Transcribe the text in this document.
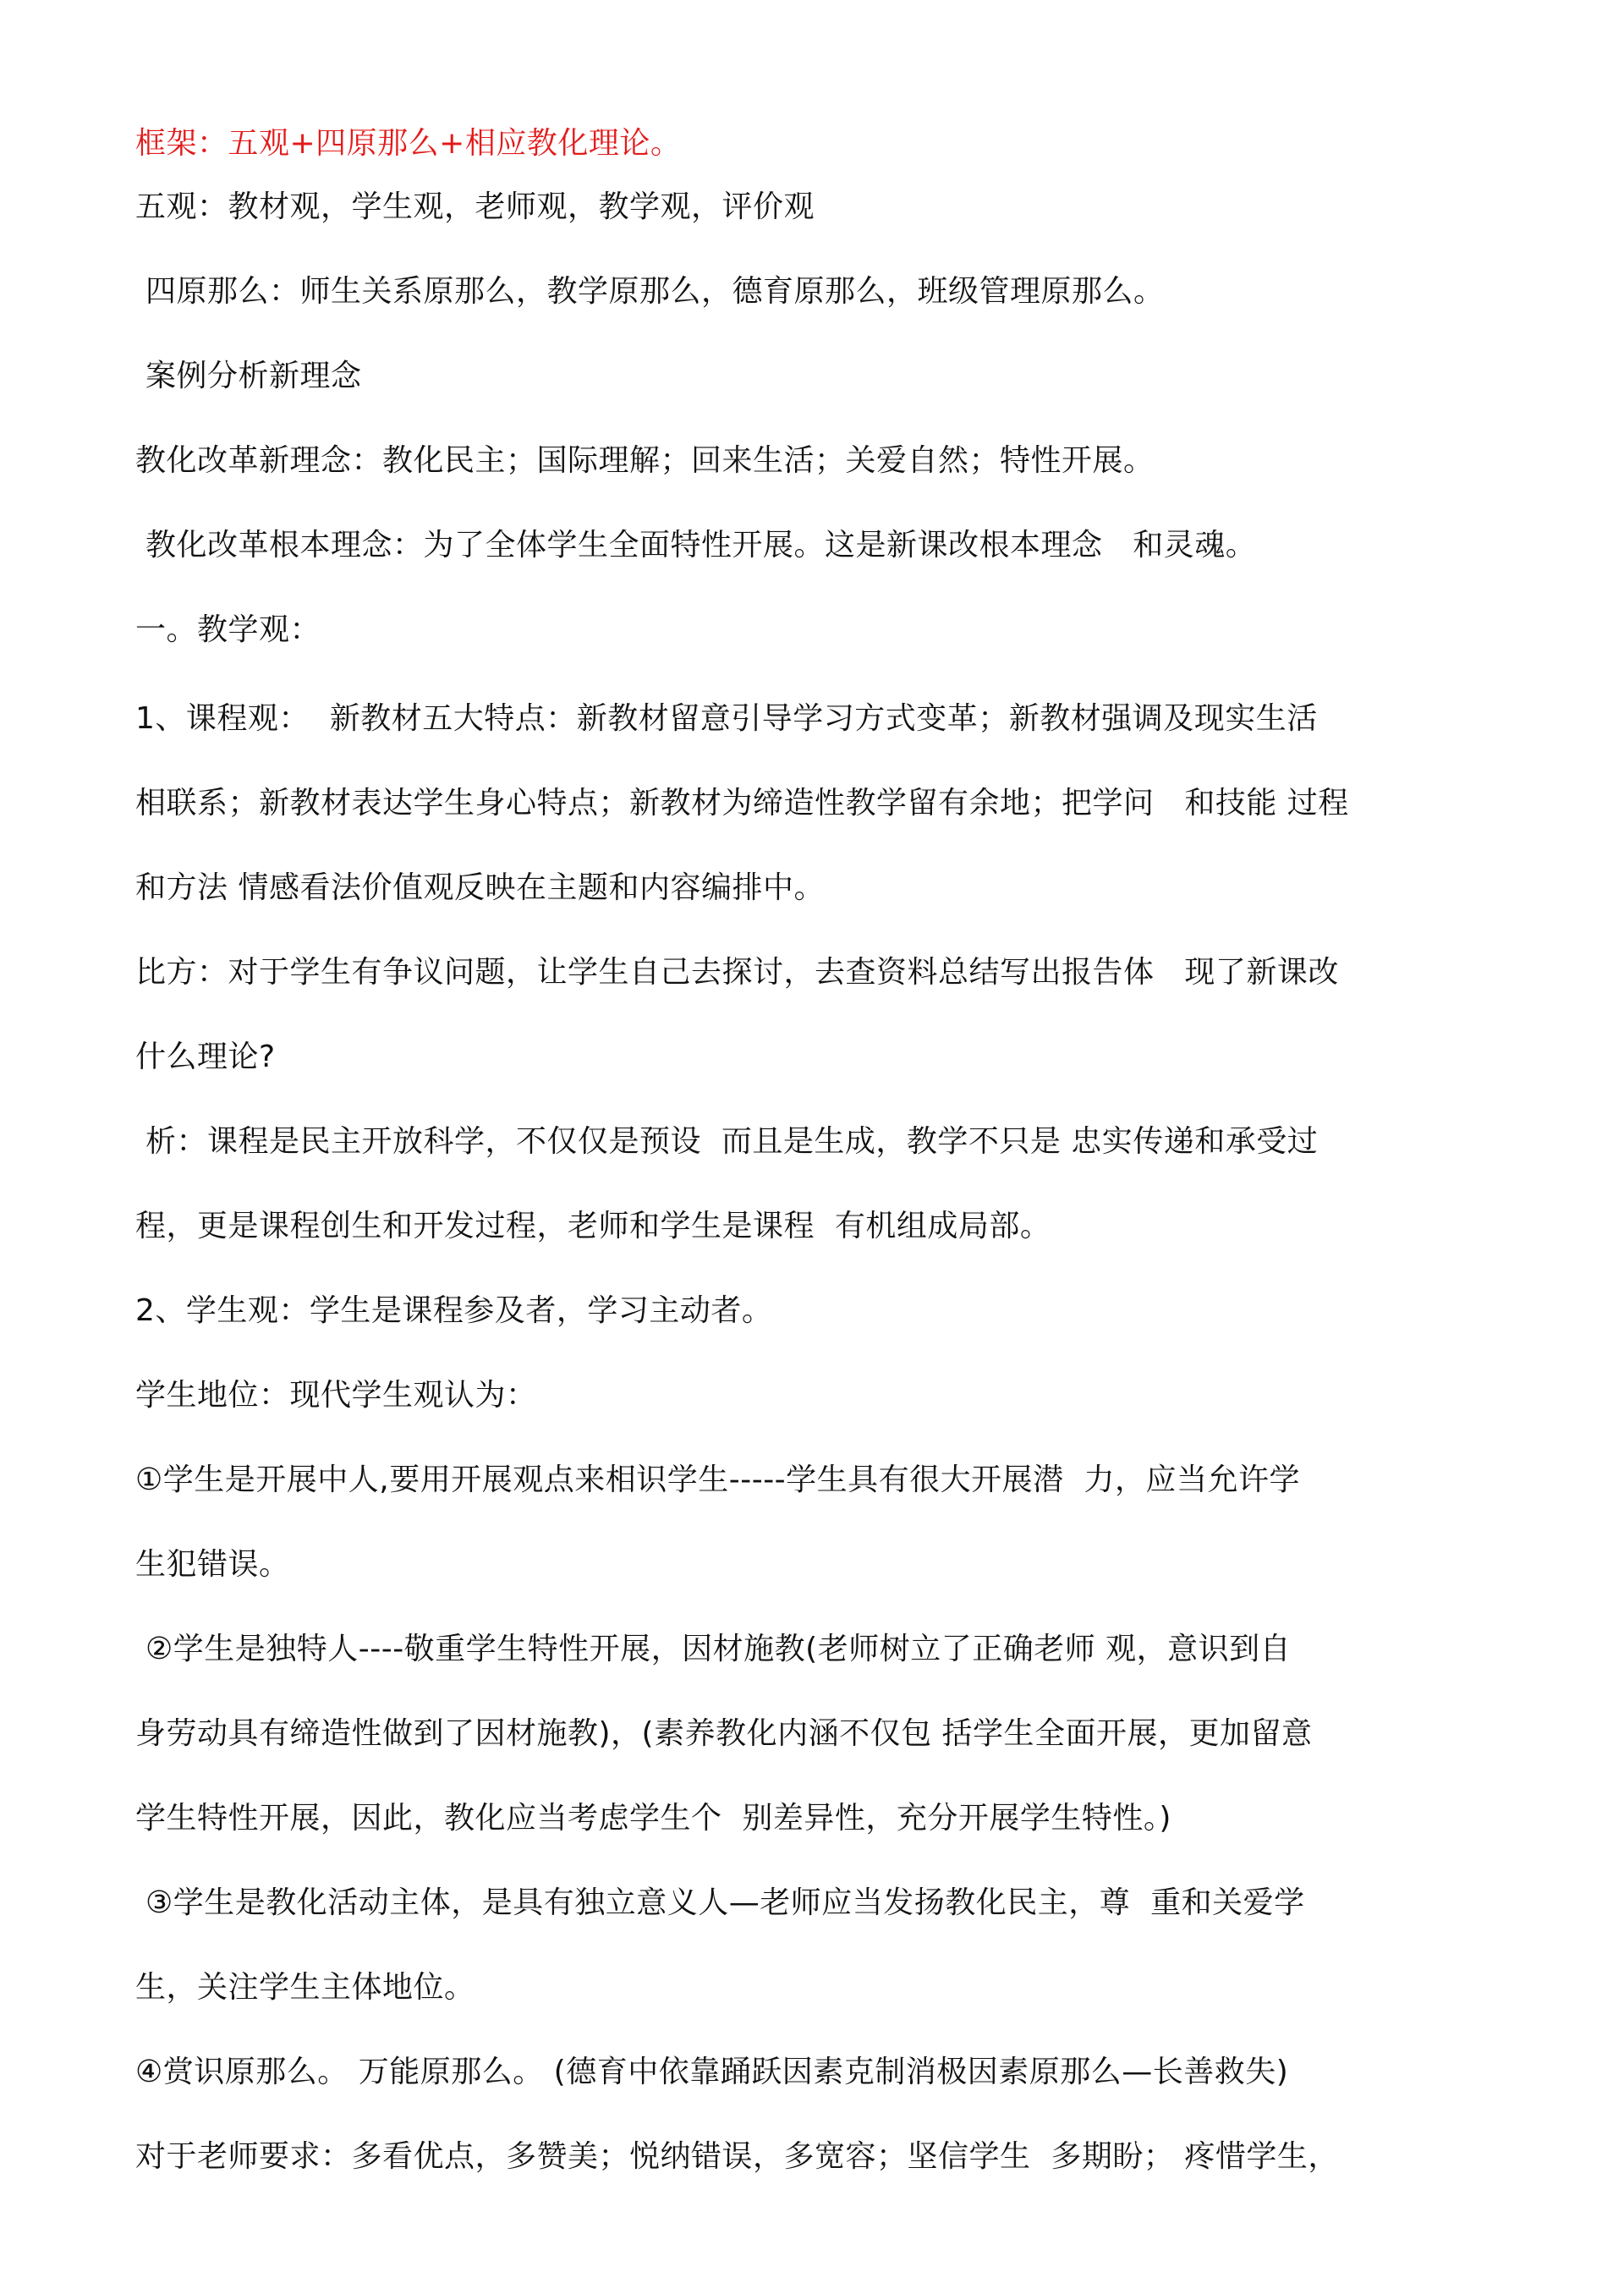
框架：五观+四原那么+相应教化理论。
五观：教材观，学生观，老师观，教学观，评价观
四原那么：师生关系原那么，教学原那么，德育原那么，班级管理原那么。
案例分析新理念
教化改革新理念：教化民主；国际理解；回来生活；关爱自然；特性开展。
教化改革根本理念：为了全体学生全面特性开展。这是新课改根本理念   和灵魂。
一。教学观：
1、课程观：  新教材五大特点：新教材留意引导学习方式变革；新教材强调及现实生活
相联系；新教材表达学生身心特点；新教材为缔造性教学留有余地；把学问   和技能 过程
和方法 情感看法价值观反映在主题和内容编排中。
比方：对于学生有争议问题，让学生自己去探讨，去查资料总结写出报告体   现了新课改
什么理论?
析：课程是民主开放科学，不仅仅是预设  而且是生成，教学不只是 忠实传递和承受过
程，更是课程创生和开发过程，老师和学生是课程  有机组成局部。
2、学生观：学生是课程参及者，学习主动者。
学生地位：现代学生观认为：
①学生是开展中人,要用开展观点来相识学生-----学生具有很大开展潜  力，应当允许学
生犯错误。
②学生是独特人----敬重学生特性开展，因材施教(老师树立了正确老师 观，意识到自
身劳动具有缔造性做到了因材施教)，(素养教化内涵不仅包 括学生全面开展，更加留意
学生特性开展，因此，教化应当考虑学生个  别差异性，充分开展学生特性。)
③学生是教化活动主体，是具有独立意义人—老师应当发扬教化民主，尊  重和关爱学
生，关注学生主体地位。
④赏识原那么。 万能原那么。 (德育中依靠踊跃因素克制消极因素原那么—长善救失)
对于老师要求：多看优点，多赞美；悦纳错误，多宽容；坚信学生  多期盼； 疼惜学生，
